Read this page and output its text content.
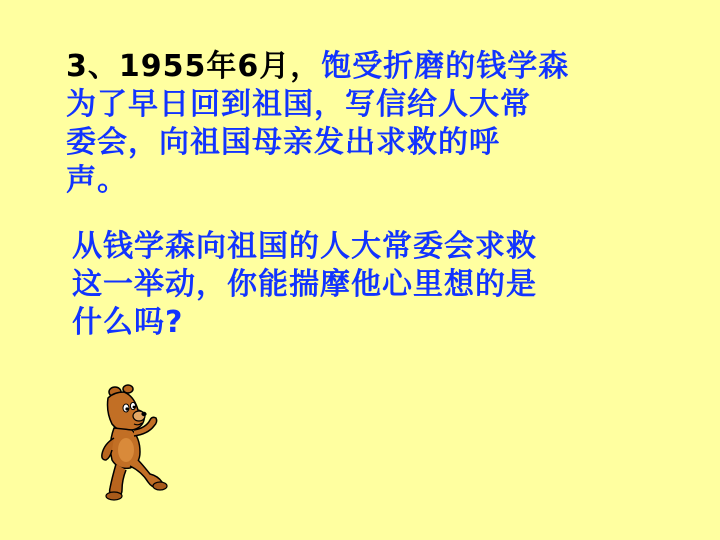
3、1955年6月，饱受折磨的钱学森
为了早日回到祖国，写信给人大常
委会，向祖国母亲发出求救的呼
声。
从钱学森向祖国的人大常委会求救
这一举动，你能揣摩他心里想的是
什么吗?
